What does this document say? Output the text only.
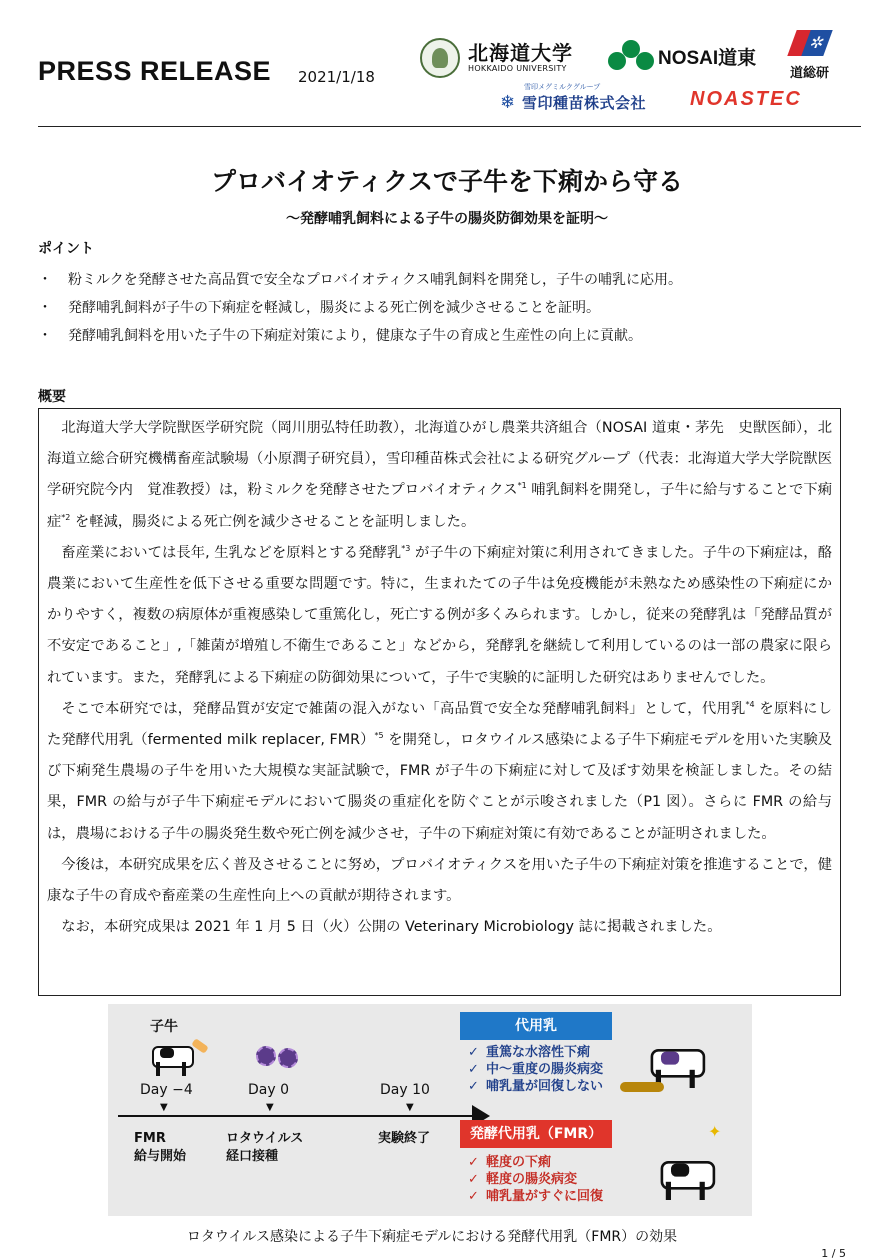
PRESS RELEASE 2021/1/18
北海道大学
HOKKAIDO UNIVERSITY	NOSAI道東
✲
道総研
雪印メグミルクグループ
❄ 雪印種苗株式会社 NOASTEC
プロバイオティクスで子牛を下痢から守る
～発酵哺乳飼料による子牛の腸炎防御効果を証明～
ポイント
・ 粉ミルクを発酵させた高品質で安全なプロバイオティクス哺乳飼料を開発し，子牛の哺乳に応用。
・ 発酵哺乳飼料が子牛の下痢症を軽減し，腸炎による死亡例を減少させることを証明。
・ 発酵哺乳飼料を用いた子牛の下痢症対策により，健康な子牛の育成と生産性の向上に貢献。
概要

北海道大学大学院獣医学研究院（岡川朋弘特任助教），北海道ひがし農業共済組合（NOSAI 道東・茅先　史獣医師），北海道立総合研究機構畜産試験場（小原潤子研究員），雪印種苗株式会社による研究グループ（代表：北海道大学大学院獣医学研究院今内　覚准教授）は，粉ミルクを発酵させたプロバイオティクス$^{*1}$ 哺乳飼料を開発し，子牛に給与することで下痢症$^{*2}$ を軽減，腸炎による死亡例を減少させることを証明しました。

畜産業においては長年, 生乳などを原料とする発酵乳$^{*3}$ が子牛の下痢症対策に利用されてきました。子牛の下痢症は，酪農業において生産性を低下させる重要な問題です。特に，生まれたての子牛は免疫機能が未熟なため感染性の下痢症にかかりやすく，複数の病原体が重複感染して重篤化し，死亡する例が多くみられます。しかし，従来の発酵乳は「発酵品質が不安定であること」,「雑菌が増殖し不衛生であること」などから，発酵乳を継続して利用しているのは一部の農家に限られています。また，発酵乳による下痢症の防御効果について，子牛で実験的に証明した研究はありませんでした。

そこで本研究では，発酵品質が安定で雑菌の混入がない「高品質で安全な発酵哺乳飼料」として，代用乳$^{*4}$ を原料にした発酵代用乳（fermented milk replacer, FMR）$^{*5}$ を開発し，ロタウイルス感染による子牛下痢症モデルを用いた実験及び下痢発生農場の子牛を用いた大規模な実証試験で，FMR が子牛の下痢症に対して及ぼす効果を検証しました。その結果，FMR の給与が子牛下痢症モデルにおいて腸炎の重症化を防ぐことが示唆されました（P1 図）。さらに FMR の給与は，農場における子牛の腸炎発生数や死亡例を減少させ，子牛の下痢症対策に有効であることが証明されました。

今後は，本研究成果を広く普及させることに努め，プロバイオティクスを用いた子牛の下痢症対策を推進することで，健康な子牛の育成や畜産業の生産性向上への貢献が期待されます。

なお，本研究成果は 2021 年 1 月 5 日（火）公開の Veterinary Microbiology 誌に掲載されました。

子牛
Day −4	Day 0	Day 10
▼	▼	▼
FMR
給与開始
ロタウイルス
経口接種
実験終了
代用乳
✓ 重篤な水溶性下痢
✓ 中～重度の腸炎病変
✓ 哺乳量が回復しない
発酵代用乳（FMR）
✓ 軽度の下痢
✓ 軽度の腸炎病変
✓ 哺乳量がすぐに回復
✦
ロタウイルス感染による子牛下痢症モデルにおける発酵代用乳（FMR）の効果
1 / 5
